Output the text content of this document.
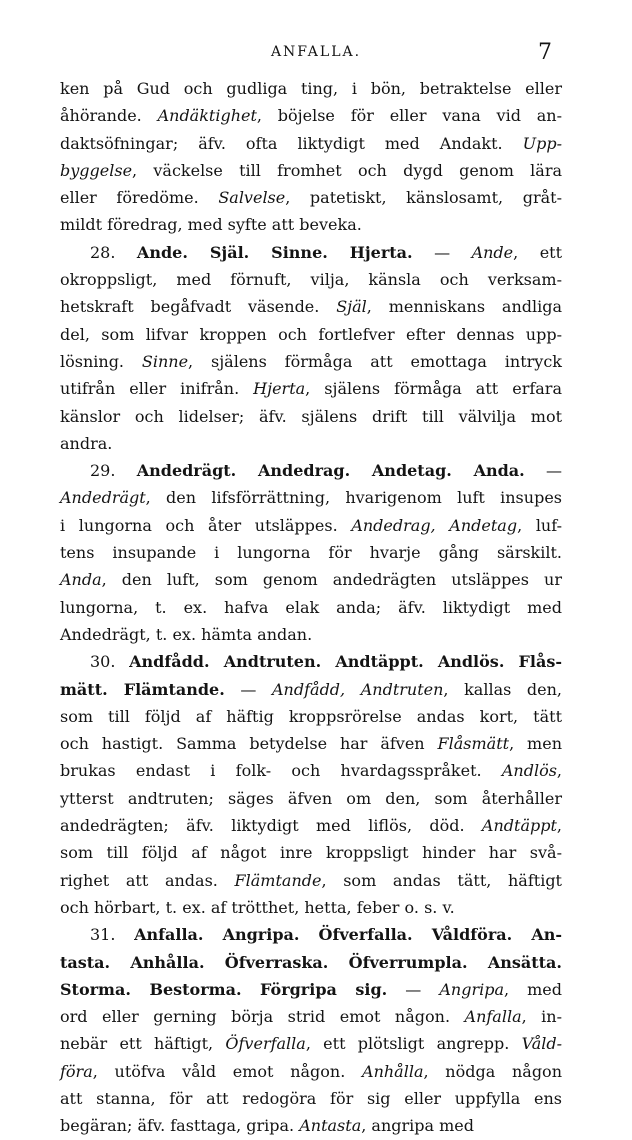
ANFALLA.	7
ken på Gud och gudliga ting, i bön, betraktelse eller
åhörande. Andäktighet, böjelse för eller vana vid an-
daktsöfningar; äfv. ofta liktydigt med Andakt. Upp-
byggelse, väckelse till fromhet och dygd genom lära
eller föredöme. Salvelse, patetiskt, känslosamt, gråt-
mildt föredrag, med syfte att beveka.
28. Ande. Själ. Sinne. Hjerta. — Ande, ett
okroppsligt, med förnuft, vilja, känsla och verksam-
hetskraft begåfvadt väsende. Själ, menniskans andliga
del, som lifvar kroppen och fortlefver efter dennas upp-
lösning. Sinne, själens förmåga att emottaga intryck
utifrån eller inifrån. Hjerta, själens förmåga att erfara
känslor och lidelser; äfv. själens drift till välvilja mot
andra.
29. Andedrägt. Andedrag. Andetag. Anda. —
Andedrägt, den lifsförrättning, hvarigenom luft insupes
i lungorna och åter utsläppes. Andedrag, Andetag, luf-
tens insupande i lungorna för hvarje gång särskilt.
Anda, den luft, som genom andedrägten utsläppes ur
lungorna, t. ex. hafva elak anda; äfv. liktydigt med
Andedrägt, t. ex. hämta andan.
30. Andfådd. Andtruten. Andtäppt. Andlös. Flås-
mätt. Flämtande. — Andfådd, Andtruten, kallas den,
som till följd af häftig kroppsrörelse andas kort, tätt
och hastigt. Samma betydelse har äfven Flåsmätt, men
brukas endast i folk- och hvardagsspråket. Andlös,
ytterst andtruten; säges äfven om den, som återhåller
andedrägten; äfv. liktydigt med liflös, död. Andtäppt,
som till följd af något inre kroppsligt hinder har svå-
righet att andas. Flämtande, som andas tätt, häftigt
och hörbart, t. ex. af trötthet, hetta, feber o. s. v.
31. Anfalla. Angripa. Öfverfalla. Våldföra. An-
tasta. Anhålla. Öfverraska. Öfverrumpla. Ansätta.
Storma. Bestorma. Förgripa sig. — Angripa, med
ord eller gerning börja strid emot någon. Anfalla, in-
nebär ett häftigt, Öfverfalla, ett plötsligt angrepp. Våld-
föra, utöfva våld emot någon. Anhålla, nödga någon
att stanna, för att redogöra för sig eller uppfylla ens
begäran; äfv. fasttaga, gripa. Antasta, angripa med
